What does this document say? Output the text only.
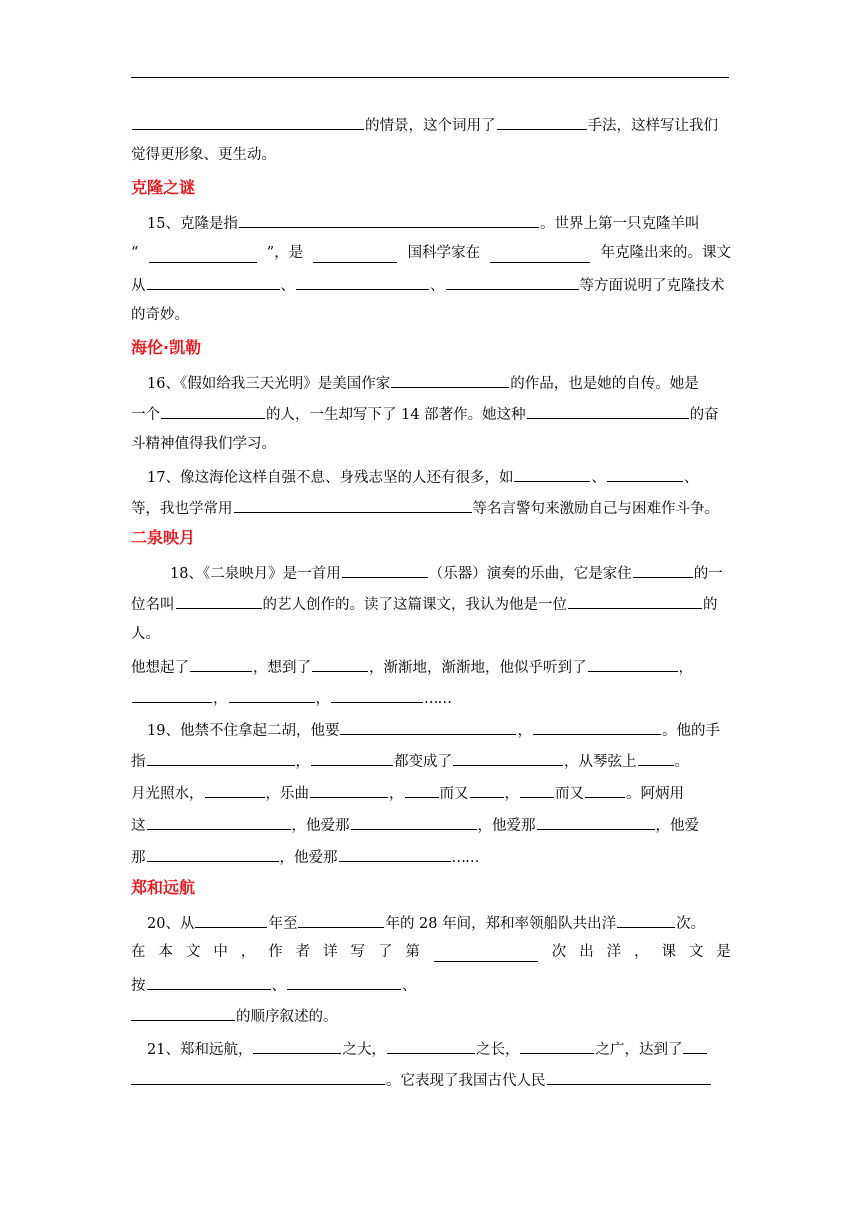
的情景，这个词用了	手法，这样写让我们
觉得更形象、更生动。
克隆之谜
15、克隆是指	。世界上第一只克隆羊叫
“	”，是	国科学家在	年克隆出来的。课文
从	、	、	等方面说明了克隆技术
的奇妙。
海伦·凯勒
16、《假如给我三天光明》是美国作家	的作品，也是她的自传。她是
一个	的人，一生却写下了 14 部著作。她这种	的奋
斗精神值得我们学习。
17、像这海伦这样自强不息、身残志坚的人还有很多，如	、	、
等，我也学常用	等名言警句来激励自己与困难作斗争。
二泉映月
18、《二泉映月》是一首用	（乐器）演奏的乐曲，它是家住	的一
位名叫	的艺人创作的。读了这篇课文，我认为他是一位	的
人。
他想起了	，想到了	，渐渐地，渐渐地，他似乎听到了	，
，	，	……
19、他禁不住拿起二胡，他要	，	。他的手
指	，	都变成了	，从琴弦上	。
月光照水，	，乐曲	， 而又 ， 而又	。阿炳用
这	，他爱那	，他爱那	，他爱
那	，他爱那	……
郑和远航
20、从	年至	年的 28 年间，郑和率领船队共出洋	次。
在 本 文 中 ， 作 者 详 写 了 第	次 出 洋 ， 课 文 是
按	、	、
的顺序叙述的。
21、郑和远航，	之大，	之长，	之广，达到了
。它表现了我国古代人民
